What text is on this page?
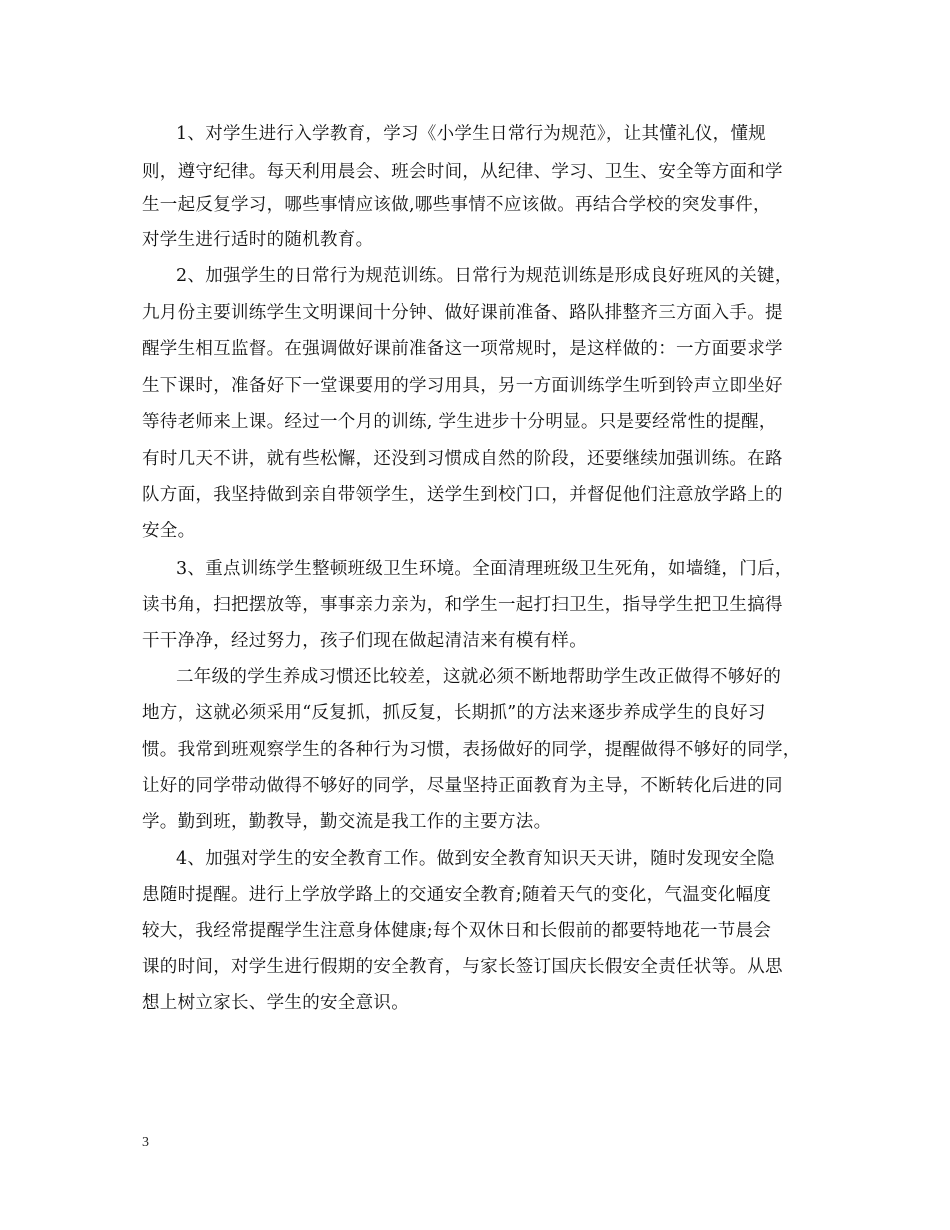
1、对学生进行入学教育，学习《小学生日常行为规范》，让其懂礼仪，懂规
则，遵守纪律。每天利用晨会、班会时间，从纪律、学习、卫生、安全等方面和学
生一起反复学习，哪些事情应该做,哪些事情不应该做。再结合学校的突发事件，
对学生进行适时的随机教育。
2、加强学生的日常行为规范训练。日常行为规范训练是形成良好班风的关键，
九月份主要训练学生文明课间十分钟、做好课前准备、路队排整齐三方面入手。提
醒学生相互监督。在强调做好课前准备这一项常规时，是这样做的：一方面要求学
生下课时，准备好下一堂课要用的学习用具，另一方面训练学生听到铃声立即坐好
等待老师来上课。经过一个月的训练, 学生进步十分明显。只是要经常性的提醒，
有时几天不讲，就有些松懈，还没到习惯成自然的阶段，还要继续加强训练。在路
队方面，我坚持做到亲自带领学生，送学生到校门口，并督促他们注意放学路上的
安全。
3、重点训练学生整顿班级卫生环境。全面清理班级卫生死角，如墙缝，门后，
读书角，扫把摆放等，事事亲力亲为，和学生一起打扫卫生，指导学生把卫生搞得
干干净净，经过努力，孩子们现在做起清洁来有模有样。
二年级的学生养成习惯还比较差，这就必须不断地帮助学生改正做得不够好的
地方，这就必须采用“反复抓，抓反复，长期抓”的方法来逐步养成学生的良好习
惯。我常到班观察学生的各种行为习惯，表扬做好的同学，提醒做得不够好的同学，
让好的同学带动做得不够好的同学，尽量坚持正面教育为主导，不断转化后进的同
学。勤到班，勤教导，勤交流是我工作的主要方法。
4、加强对学生的安全教育工作。做到安全教育知识天天讲，随时发现安全隐
患随时提醒。进行上学放学路上的交通安全教育;随着天气的变化，气温变化幅度
较大，我经常提醒学生注意身体健康;每个双休日和长假前的都要特地花一节晨会
课的时间，对学生进行假期的安全教育，与家长签订国庆长假安全责任状等。从思
想上树立家长、学生的安全意识。
3
